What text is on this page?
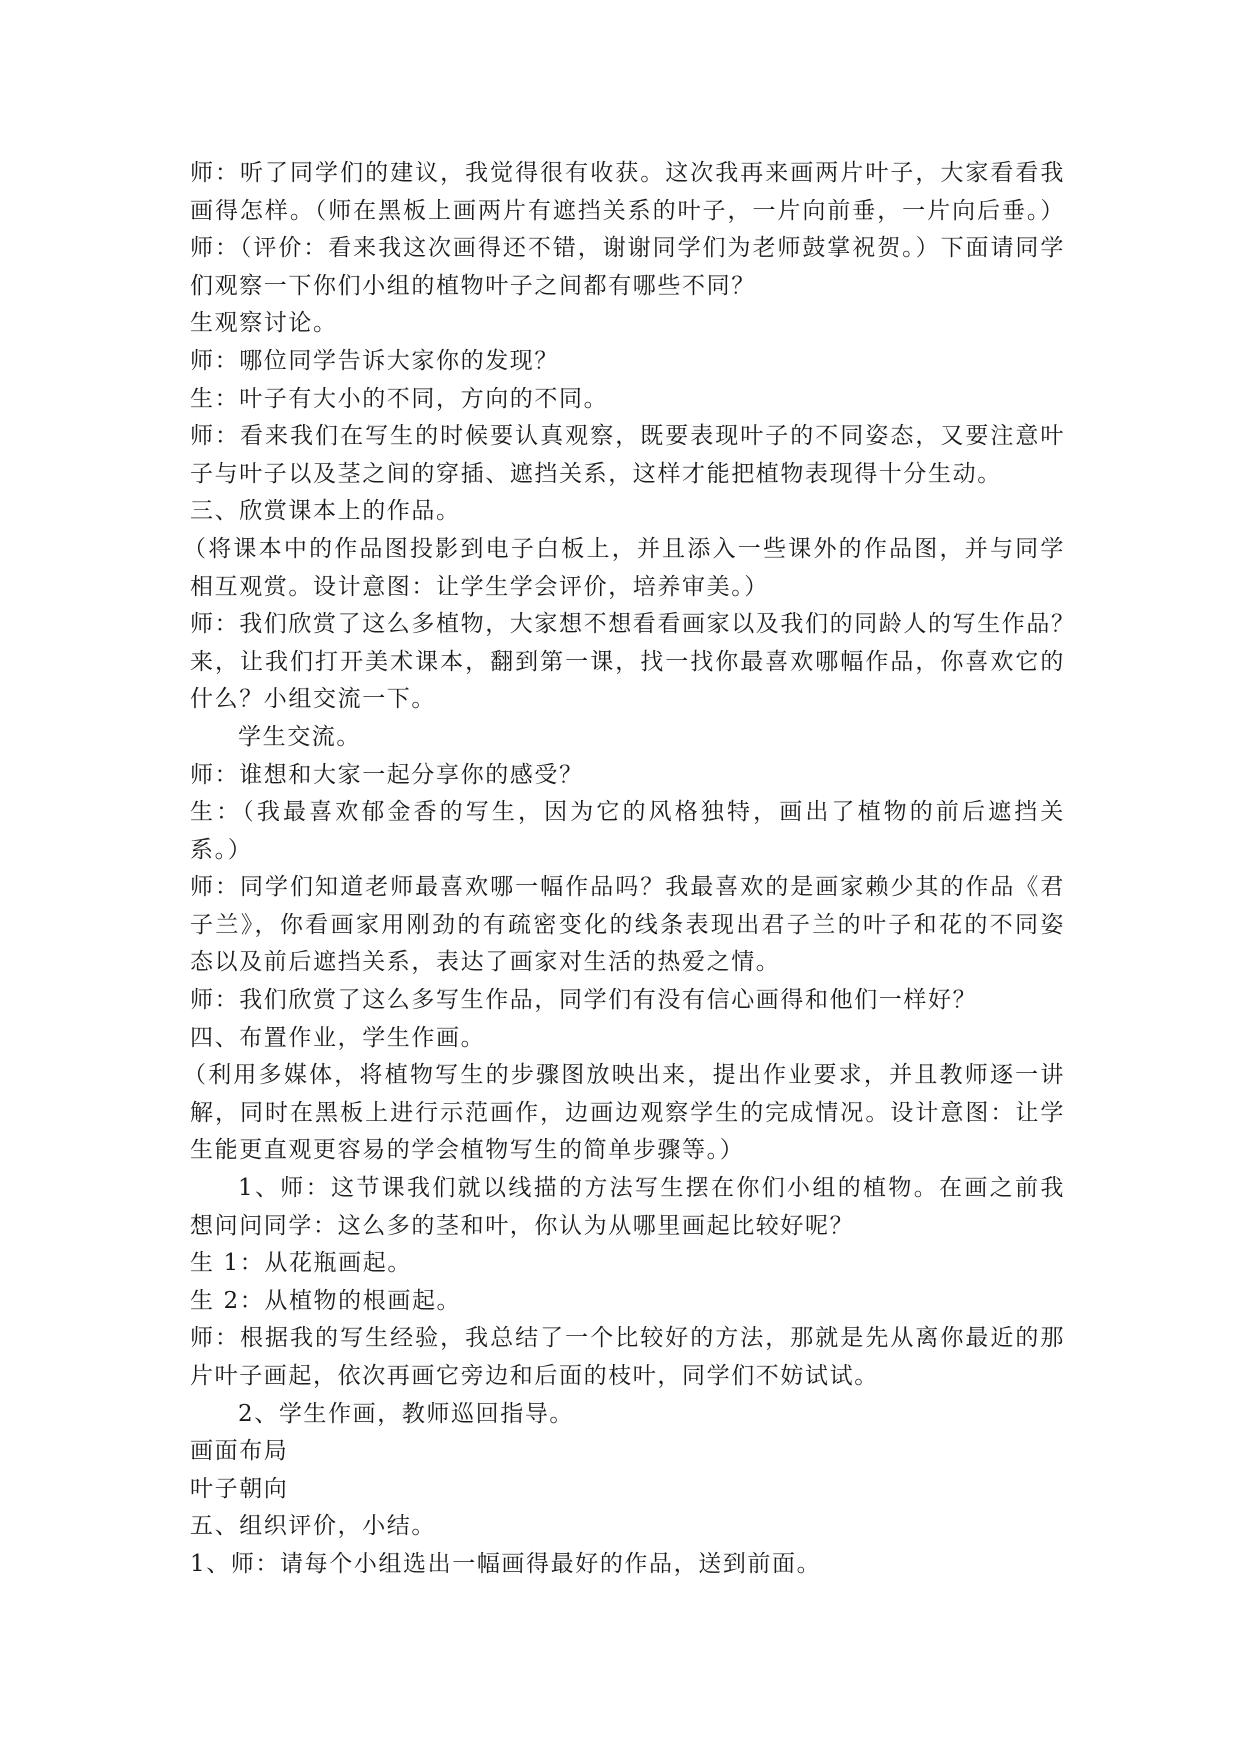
师：听了同学们的建议，我觉得很有收获。这次我再来画两片叶子，大家看看我
画得怎样。（师在黑板上画两片有遮挡关系的叶子，一片向前垂，一片向后垂。）
师：（评价：看来我这次画得还不错，谢谢同学们为老师鼓掌祝贺。）下面请同学
们观察一下你们小组的植物叶子之间都有哪些不同？
生观察讨论。
师：哪位同学告诉大家你的发现？
生：叶子有大小的不同，方向的不同。
师：看来我们在写生的时候要认真观察，既要表现叶子的不同姿态，又要注意叶
子与叶子以及茎之间的穿插、遮挡关系，这样才能把植物表现得十分生动。
三、欣赏课本上的作品。
（将课本中的作品图投影到电子白板上，并且添入一些课外的作品图，并与同学
相互观赏。设计意图：让学生学会评价，培养审美。）
师：我们欣赏了这么多植物，大家想不想看看画家以及我们的同龄人的写生作品？
来，让我们打开美术课本，翻到第一课，找一找你最喜欢哪幅作品，你喜欢它的
什么？小组交流一下。
学生交流。
师：谁想和大家一起分享你的感受？
生：（我最喜欢郁金香的写生，因为它的风格独特，画出了植物的前后遮挡关
系。）
师：同学们知道老师最喜欢哪一幅作品吗？我最喜欢的是画家赖少其的作品《君
子兰》，你看画家用刚劲的有疏密变化的线条表现出君子兰的叶子和花的不同姿
态以及前后遮挡关系，表达了画家对生活的热爱之情。
师：我们欣赏了这么多写生作品，同学们有没有信心画得和他们一样好？
四、布置作业，学生作画。
（利用多媒体，将植物写生的步骤图放映出来，提出作业要求，并且教师逐一讲
解，同时在黑板上进行示范画作，边画边观察学生的完成情况。设计意图：让学
生能更直观更容易的学会植物写生的简单步骤等。）
1、师：这节课我们就以线描的方法写生摆在你们小组的植物。在画之前我
想问问同学：这么多的茎和叶，你认为从哪里画起比较好呢？
生 1：从花瓶画起。
生 2：从植物的根画起。
师：根据我的写生经验，我总结了一个比较好的方法，那就是先从离你最近的那
片叶子画起，依次再画它旁边和后面的枝叶，同学们不妨试试。
2、学生作画，教师巡回指导。
画面布局
叶子朝向
五、组织评价，小结。
1、师：请每个小组选出一幅画得最好的作品，送到前面。
